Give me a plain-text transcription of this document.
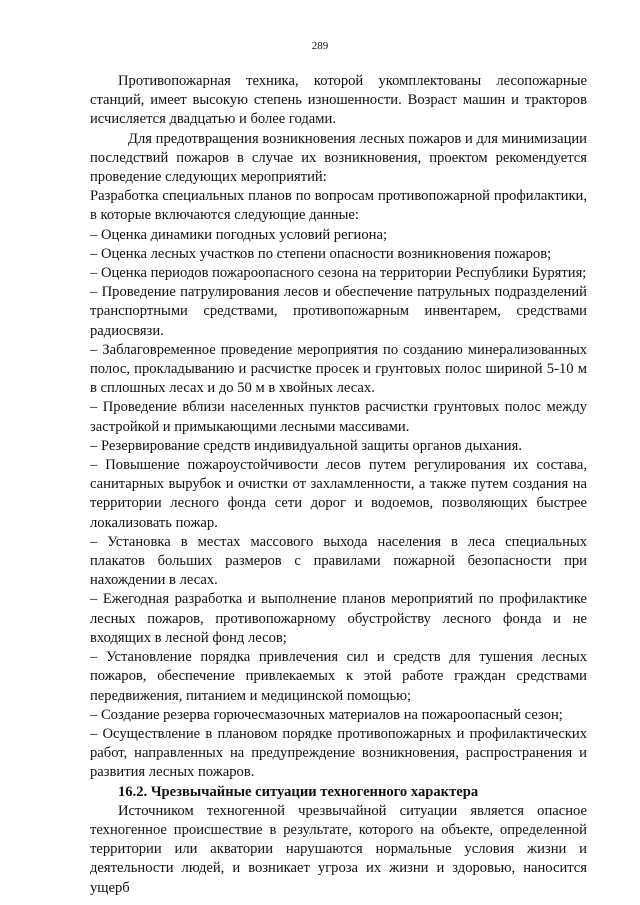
289

Противопожарная техника, которой укомплектованы лесопожарные станций, имеет высокую степень изношенности. Возраст машин и тракторов исчисляется двадцатью и более годами.

Для предотвращения возникновения лесных пожаров и для минимизации последствий пожаров в случае их возникновения, проектом рекомендуется проведение следующих мероприятий:

Разработка специальных планов по вопросам противопожарной профилактики, в которые включаются следующие данные:

– Оценка динамики погодных условий региона;

– Оценка лесных участков по степени опасности возникновения пожаров;

– Оценка периодов пожароопасного сезона на территории Республики Бурятия;

– Проведение патрулирования лесов и обеспечение патрульных подразделений транспортными средствами, противопожарным инвентарем, средствами радиосвязи.

– Заблаговременное проведение мероприятия по созданию минерализованных полос, прокладыванию и расчистке просек и грунтовых полос шириной 5-10 м в сплошных лесах и до 50 м в хвойных лесах.

– Проведение вблизи населенных пунктов расчистки грунтовых полос между застройкой и примыкающими лесными массивами.

– Резервирование средств индивидуальной защиты органов дыхания.

– Повышение пожароустойчивости лесов путем регулирования их состава, санитарных вырубок и очистки от захламленности, а также путем создания на территории лесного фонда сети дорог и водоемов, позволяющих быстрее локализовать пожар.

– Установка в местах массового выхода населения в леса специальных плакатов больших размеров с правилами пожарной безопасности при нахождении в лесах.

– Ежегодная разработка и выполнение планов мероприятий по профилактике лесных пожаров, противопожарному обустройству лесного фонда и не входящих в лесной фонд лесов;

– Установление порядка привлечения сил и средств для тушения лесных пожаров, обеспечение привлекаемых к этой работе граждан средствами передвижения, питанием и медицинской помощью;

– Создание резерва горючесмазочных материалов на пожароопасный сезон;

– Осуществление в плановом порядке противопожарных и профилактических работ, направленных на предупреждение возникновения, распространения и развития лесных пожаров.

16.2. Чрезвычайные ситуации техногенного характера

Источником техногенной чрезвычайной ситуации является опасное техногенное происшествие в результате, которого на объекте, определенной территории или акватории нарушаются нормальные условия жизни и деятельности людей, и возникает угроза их жизни и здоровью, наносится ущерб
